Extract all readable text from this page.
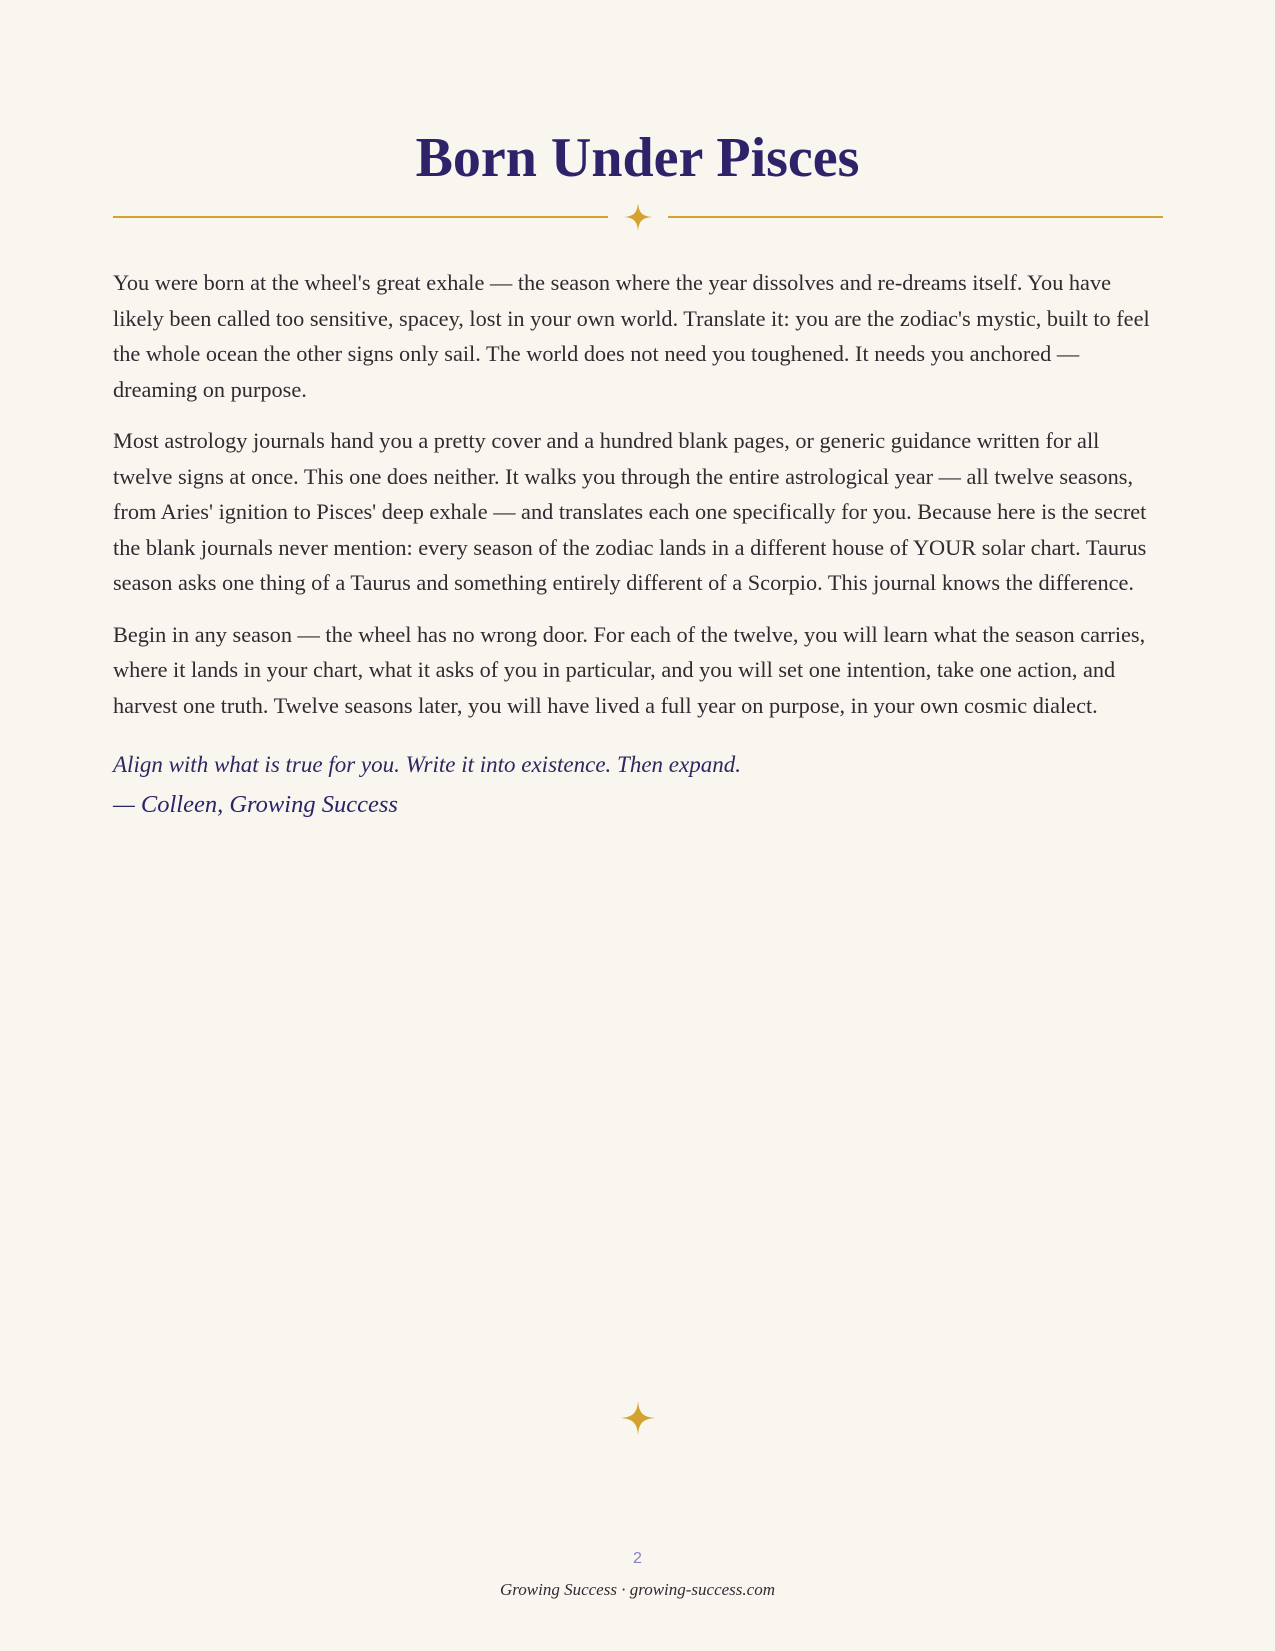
Born Under Pisces

You were born at the wheel's great exhale — the season where the year dissolves and re-dreams itself. You have likely been called too sensitive, spacey, lost in your own world. Translate it: you are the zodiac's mystic, built to feel the whole ocean the other signs only sail. The world does not need you toughened. It needs you anchored — dreaming on purpose.

Most astrology journals hand you a pretty cover and a hundred blank pages, or generic guidance written for all twelve signs at once. This one does neither. It walks you through the entire astrological year — all twelve seasons, from Aries' ignition to Pisces' deep exhale — and translates each one specifically for you. Because here is the secret the blank journals never mention: every season of the zodiac lands in a different house of YOUR solar chart. Taurus season asks one thing of a Taurus and something entirely different of a Scorpio. This journal knows the difference.

Begin in any season — the wheel has no wrong door. For each of the twelve, you will learn what the season carries, where it lands in your chart, what it asks of you in particular, and you will set one intention, take one action, and harvest one truth. Twelve seasons later, you will have lived a full year on purpose, in your own cosmic dialect.

Align with what is true for you. Write it into existence. Then expand.
— Colleen, Growing Success
2
Growing Success · growing-success.com
